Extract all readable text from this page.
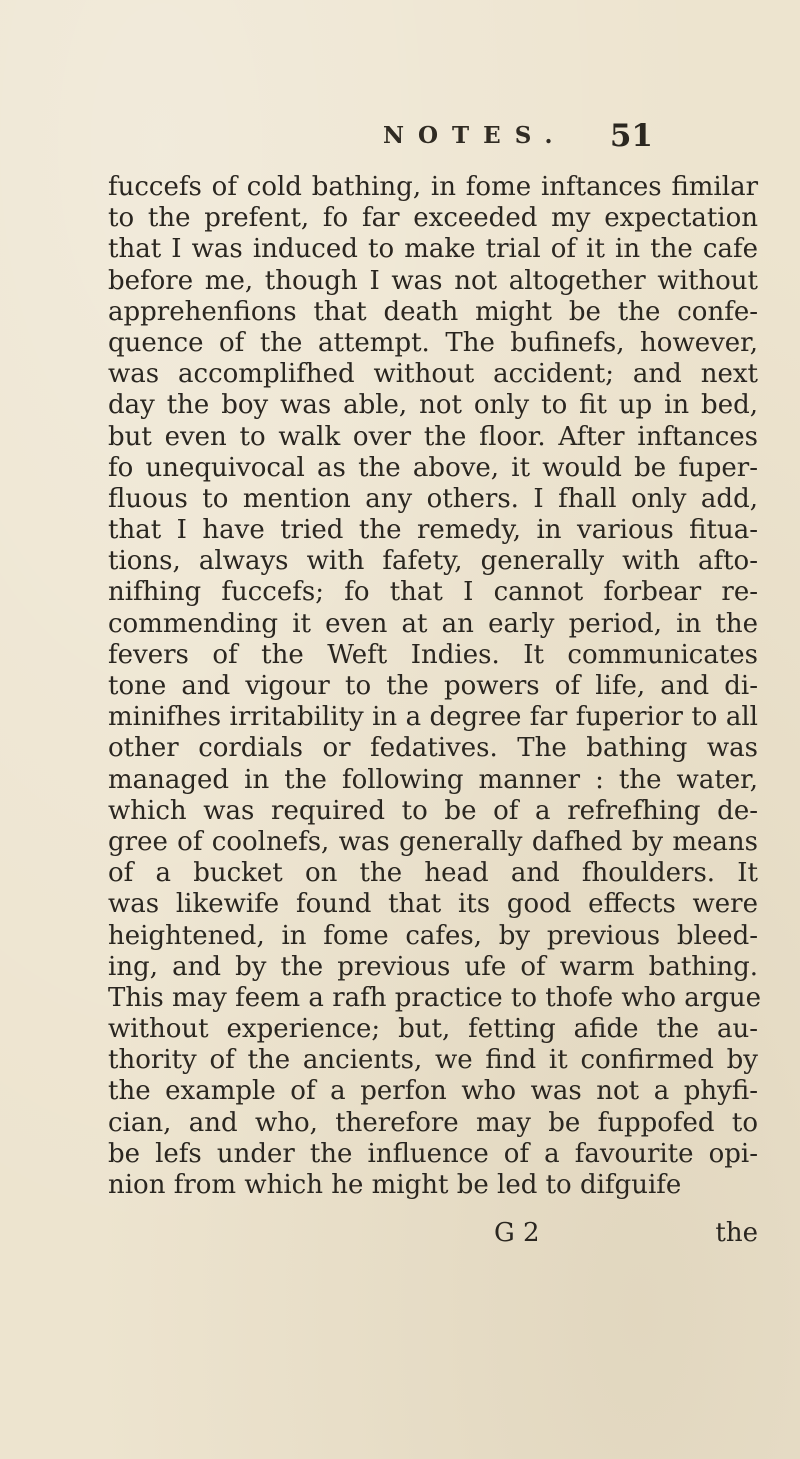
NOTES. 51
fuccefs of cold bathing, in fome inftances fimilar
to the prefent, fo far exceeded my expectation
that I was induced to make trial of it in the cafe
before me, though I was not altogether without
apprehenfions that death might be the confe-
quence of the attempt. The bufinefs, however,
was accomplifhed without accident; and next
day the boy was able, not only to fit up in bed,
but even to walk over the floor. After inftances
fo unequivocal as the above, it would be fuper-
fluous to mention any others. I fhall only add,
that I have tried the remedy, in various fitua-
tions, always with fafety, generally with afto-
nifhing fuccefs; fo that I cannot forbear re-
commending it even at an early period, in the
fevers of the Weft Indies. It communicates
tone and vigour to the powers of life, and di-
minifhes irritability in a degree far fuperior to all
other cordials or fedatives. The bathing was
managed in the following manner : the water,
which was required to be of a refrefhing de-
gree of coolnefs, was generally dafhed by means
of a bucket on the head and fhoulders. It
was likewife found that its good effects were
heightened, in fome cafes, by previous bleed-
ing, and by the previous ufe of warm bathing.
This may feem a rafh practice to thofe who argue
without experience; but, fetting afide the au-
thority of the ancients, we find it confirmed by
the example of a perfon who was not a phyfi-
cian, and who, therefore may be fuppofed to
be lefs under the influence of a favourite opi-
nion from which he might be led to difguife
G 2	the
